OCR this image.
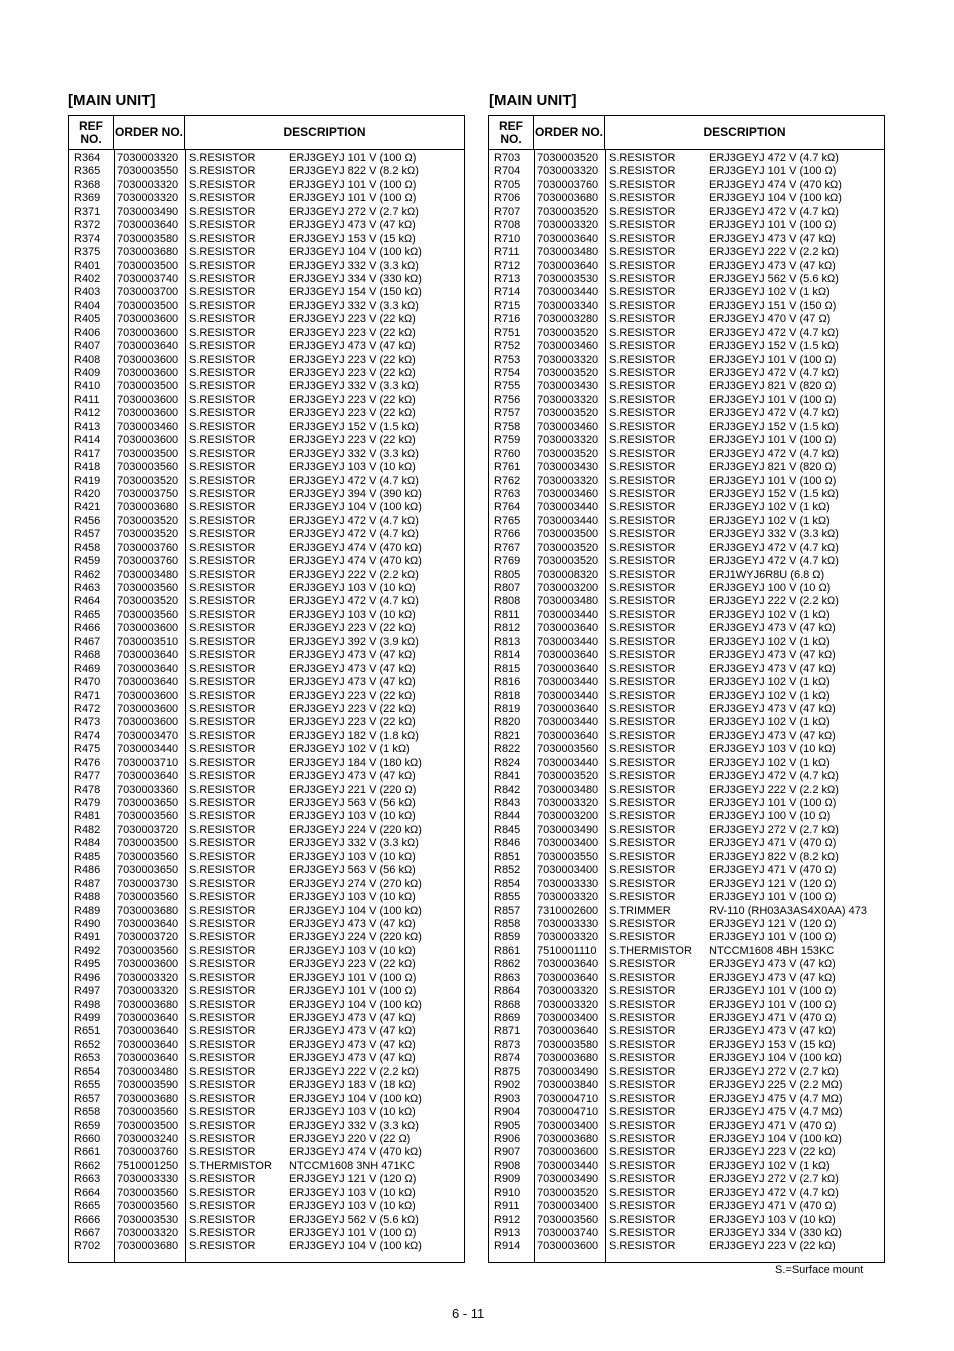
[MAIN UNIT]
REF NO.	ORDER NO.	DESCRIPTION
R364	7030003320 S.RESISTOR	ERJ3GEYJ 101 V (100 Ω)
R365	7030003550 S.RESISTOR	ERJ3GEYJ 822 V (8.2 kΩ)
R368	7030003320 S.RESISTOR	ERJ3GEYJ 101 V (100 Ω)
R369	7030003320 S.RESISTOR	ERJ3GEYJ 101 V (100 Ω)
R371	7030003490 S.RESISTOR	ERJ3GEYJ 272 V (2.7 kΩ)
R372	7030003640 S.RESISTOR	ERJ3GEYJ 473 V (47 kΩ)
R374	7030003580 S.RESISTOR	ERJ3GEYJ 153 V (15 kΩ)
R375	7030003680 S.RESISTOR	ERJ3GEYJ 104 V (100 kΩ)
R401	7030003500 S.RESISTOR	ERJ3GEYJ 332 V (3.3 kΩ)
R402	7030003740 S.RESISTOR	ERJ3GEYJ 334 V (330 kΩ)
R403	7030003700 S.RESISTOR	ERJ3GEYJ 154 V (150 kΩ)
R404	7030003500 S.RESISTOR	ERJ3GEYJ 332 V (3.3 kΩ)
R405	7030003600 S.RESISTOR	ERJ3GEYJ 223 V (22 kΩ)
R406	7030003600 S.RESISTOR	ERJ3GEYJ 223 V (22 kΩ)
R407	7030003640 S.RESISTOR	ERJ3GEYJ 473 V (47 kΩ)
R408	7030003600 S.RESISTOR	ERJ3GEYJ 223 V (22 kΩ)
R409	7030003600 S.RESISTOR	ERJ3GEYJ 223 V (22 kΩ)
R410	7030003500 S.RESISTOR	ERJ3GEYJ 332 V (3.3 kΩ)
R411	7030003600 S.RESISTOR	ERJ3GEYJ 223 V (22 kΩ)
R412	7030003600 S.RESISTOR	ERJ3GEYJ 223 V (22 kΩ)
R413	7030003460 S.RESISTOR	ERJ3GEYJ 152 V (1.5 kΩ)
R414	7030003600 S.RESISTOR	ERJ3GEYJ 223 V (22 kΩ)
R417	7030003500 S.RESISTOR	ERJ3GEYJ 332 V (3.3 kΩ)
R418	7030003560 S.RESISTOR	ERJ3GEYJ 103 V (10 kΩ)
R419	7030003520 S.RESISTOR	ERJ3GEYJ 472 V (4.7 kΩ)
R420	7030003750 S.RESISTOR	ERJ3GEYJ 394 V (390 kΩ)
R421	7030003680 S.RESISTOR	ERJ3GEYJ 104 V (100 kΩ)
R456	7030003520 S.RESISTOR	ERJ3GEYJ 472 V (4.7 kΩ)
R457	7030003520 S.RESISTOR	ERJ3GEYJ 472 V (4.7 kΩ)
R458	7030003760 S.RESISTOR	ERJ3GEYJ 474 V (470 kΩ)
R459	7030003760 S.RESISTOR	ERJ3GEYJ 474 V (470 kΩ)
R462	7030003480 S.RESISTOR	ERJ3GEYJ 222 V (2.2 kΩ)
R463	7030003560 S.RESISTOR	ERJ3GEYJ 103 V (10 kΩ)
R464	7030003520 S.RESISTOR	ERJ3GEYJ 472 V (4.7 kΩ)
R465	7030003560 S.RESISTOR	ERJ3GEYJ 103 V (10 kΩ)
R466	7030003600 S.RESISTOR	ERJ3GEYJ 223 V (22 kΩ)
R467	7030003510 S.RESISTOR	ERJ3GEYJ 392 V (3.9 kΩ)
R468	7030003640 S.RESISTOR	ERJ3GEYJ 473 V (47 kΩ)
R469	7030003640 S.RESISTOR	ERJ3GEYJ 473 V (47 kΩ)
R470	7030003640 S.RESISTOR	ERJ3GEYJ 473 V (47 kΩ)
R471	7030003600 S.RESISTOR	ERJ3GEYJ 223 V (22 kΩ)
R472	7030003600 S.RESISTOR	ERJ3GEYJ 223 V (22 kΩ)
R473	7030003600 S.RESISTOR	ERJ3GEYJ 223 V (22 kΩ)
R474	7030003470 S.RESISTOR	ERJ3GEYJ 182 V (1.8 kΩ)
R475	7030003440 S.RESISTOR	ERJ3GEYJ 102 V (1 kΩ)
R476	7030003710 S.RESISTOR	ERJ3GEYJ 184 V (180 kΩ)
R477	7030003640 S.RESISTOR	ERJ3GEYJ 473 V (47 kΩ)
R478	7030003360 S.RESISTOR	ERJ3GEYJ 221 V (220 Ω)
R479	7030003650 S.RESISTOR	ERJ3GEYJ 563 V (56 kΩ)
R481	7030003560 S.RESISTOR	ERJ3GEYJ 103 V (10 kΩ)
R482	7030003720 S.RESISTOR	ERJ3GEYJ 224 V (220 kΩ)
R484	7030003500 S.RESISTOR	ERJ3GEYJ 332 V (3.3 kΩ)
R485	7030003560 S.RESISTOR	ERJ3GEYJ 103 V (10 kΩ)
R486	7030003650 S.RESISTOR	ERJ3GEYJ 563 V (56 kΩ)
R487	7030003730 S.RESISTOR	ERJ3GEYJ 274 V (270 kΩ)
R488	7030003560 S.RESISTOR	ERJ3GEYJ 103 V (10 kΩ)
R489	7030003680 S.RESISTOR	ERJ3GEYJ 104 V (100 kΩ)
R490	7030003640 S.RESISTOR	ERJ3GEYJ 473 V (47 kΩ)
R491	7030003720 S.RESISTOR	ERJ3GEYJ 224 V (220 kΩ)
R492	7030003560 S.RESISTOR	ERJ3GEYJ 103 V (10 kΩ)
R495	7030003600 S.RESISTOR	ERJ3GEYJ 223 V (22 kΩ)
R496	7030003320 S.RESISTOR	ERJ3GEYJ 101 V (100 Ω)
R497	7030003320 S.RESISTOR	ERJ3GEYJ 101 V (100 Ω)
R498	7030003680 S.RESISTOR	ERJ3GEYJ 104 V (100 kΩ)
R499	7030003640 S.RESISTOR	ERJ3GEYJ 473 V (47 kΩ)
R651	7030003640 S.RESISTOR	ERJ3GEYJ 473 V (47 kΩ)
R652	7030003640 S.RESISTOR	ERJ3GEYJ 473 V (47 kΩ)
R653	7030003640 S.RESISTOR	ERJ3GEYJ 473 V (47 kΩ)
R654	7030003480 S.RESISTOR	ERJ3GEYJ 222 V (2.2 kΩ)
R655	7030003590 S.RESISTOR	ERJ3GEYJ 183 V (18 kΩ)
R657	7030003680 S.RESISTOR	ERJ3GEYJ 104 V (100 kΩ)
R658	7030003560 S.RESISTOR	ERJ3GEYJ 103 V (10 kΩ)
R659	7030003500 S.RESISTOR	ERJ3GEYJ 332 V (3.3 kΩ)
R660	7030003240 S.RESISTOR	ERJ3GEYJ 220 V (22 Ω)
R661	7030003760 S.RESISTOR	ERJ3GEYJ 474 V (470 kΩ)
R662	7510001250 S.THERMISTOR	NTCCM1608 3NH 471KC
R663	7030003330 S.RESISTOR	ERJ3GEYJ 121 V (120 Ω)
R664	7030003560 S.RESISTOR	ERJ3GEYJ 103 V (10 kΩ)
R665	7030003560 S.RESISTOR	ERJ3GEYJ 103 V (10 kΩ)
R666	7030003530 S.RESISTOR	ERJ3GEYJ 562 V (5.6 kΩ)
R667	7030003320 S.RESISTOR	ERJ3GEYJ 101 V (100 Ω)
R702	7030003680 S.RESISTOR	ERJ3GEYJ 104 V (100 kΩ)
[MAIN UNIT]
REF NO.	ORDER NO.	DESCRIPTION
R703	7030003520 S.RESISTOR	ERJ3GEYJ 472 V (4.7 kΩ)
R704	7030003320 S.RESISTOR	ERJ3GEYJ 101 V (100 Ω)
R705	7030003760 S.RESISTOR	ERJ3GEYJ 474 V (470 kΩ)
R706	7030003680 S.RESISTOR	ERJ3GEYJ 104 V (100 kΩ)
R707	7030003520 S.RESISTOR	ERJ3GEYJ 472 V (4.7 kΩ)
R708	7030003320 S.RESISTOR	ERJ3GEYJ 101 V (100 Ω)
R710	7030003640 S.RESISTOR	ERJ3GEYJ 473 V (47 kΩ)
R711	7030003480 S.RESISTOR	ERJ3GEYJ 222 V (2.2 kΩ)
R712	7030003640 S.RESISTOR	ERJ3GEYJ 473 V (47 kΩ)
R713	7030003530 S.RESISTOR	ERJ3GEYJ 562 V (5.6 kΩ)
R714	7030003440 S.RESISTOR	ERJ3GEYJ 102 V (1 kΩ)
R715	7030003340 S.RESISTOR	ERJ3GEYJ 151 V (150 Ω)
R716	7030003280 S.RESISTOR	ERJ3GEYJ 470 V (47 Ω)
R751	7030003520 S.RESISTOR	ERJ3GEYJ 472 V (4.7 kΩ)
R752	7030003460 S.RESISTOR	ERJ3GEYJ 152 V (1.5 kΩ)
R753	7030003320 S.RESISTOR	ERJ3GEYJ 101 V (100 Ω)
R754	7030003520 S.RESISTOR	ERJ3GEYJ 472 V (4.7 kΩ)
R755	7030003430 S.RESISTOR	ERJ3GEYJ 821 V (820 Ω)
R756	7030003320 S.RESISTOR	ERJ3GEYJ 101 V (100 Ω)
R757	7030003520 S.RESISTOR	ERJ3GEYJ 472 V (4.7 kΩ)
R758	7030003460 S.RESISTOR	ERJ3GEYJ 152 V (1.5 kΩ)
R759	7030003320 S.RESISTOR	ERJ3GEYJ 101 V (100 Ω)
R760	7030003520 S.RESISTOR	ERJ3GEYJ 472 V (4.7 kΩ)
R761	7030003430 S.RESISTOR	ERJ3GEYJ 821 V (820 Ω)
R762	7030003320 S.RESISTOR	ERJ3GEYJ 101 V (100 Ω)
R763	7030003460 S.RESISTOR	ERJ3GEYJ 152 V (1.5 kΩ)
R764	7030003440 S.RESISTOR	ERJ3GEYJ 102 V (1 kΩ)
R765	7030003440 S.RESISTOR	ERJ3GEYJ 102 V (1 kΩ)
R766	7030003500 S.RESISTOR	ERJ3GEYJ 332 V (3.3 kΩ)
R767	7030003520 S.RESISTOR	ERJ3GEYJ 472 V (4.7 kΩ)
R769	7030003520 S.RESISTOR	ERJ3GEYJ 472 V (4.7 kΩ)
R805	7030008320 S.RESISTOR	ERJ1WYJ6R8U (6.8 Ω)
R807	7030003200 S.RESISTOR	ERJ3GEYJ 100 V (10 Ω)
R808	7030003480 S.RESISTOR	ERJ3GEYJ 222 V (2.2 kΩ)
R811	7030003440 S.RESISTOR	ERJ3GEYJ 102 V (1 kΩ)
R812	7030003640 S.RESISTOR	ERJ3GEYJ 473 V (47 kΩ)
R813	7030003440 S.RESISTOR	ERJ3GEYJ 102 V (1 kΩ)
R814	7030003640 S.RESISTOR	ERJ3GEYJ 473 V (47 kΩ)
R815	7030003640 S.RESISTOR	ERJ3GEYJ 473 V (47 kΩ)
R816	7030003440 S.RESISTOR	ERJ3GEYJ 102 V (1 kΩ)
R818	7030003440 S.RESISTOR	ERJ3GEYJ 102 V (1 kΩ)
R819	7030003640 S.RESISTOR	ERJ3GEYJ 473 V (47 kΩ)
R820	7030003440 S.RESISTOR	ERJ3GEYJ 102 V (1 kΩ)
R821	7030003640 S.RESISTOR	ERJ3GEYJ 473 V (47 kΩ)
R822	7030003560 S.RESISTOR	ERJ3GEYJ 103 V (10 kΩ)
R824	7030003440 S.RESISTOR	ERJ3GEYJ 102 V (1 kΩ)
R841	7030003520 S.RESISTOR	ERJ3GEYJ 472 V (4.7 kΩ)
R842	7030003480 S.RESISTOR	ERJ3GEYJ 222 V (2.2 kΩ)
R843	7030003320 S.RESISTOR	ERJ3GEYJ 101 V (100 Ω)
R844	7030003200 S.RESISTOR	ERJ3GEYJ 100 V (10 Ω)
R845	7030003490 S.RESISTOR	ERJ3GEYJ 272 V (2.7 kΩ)
R846	7030003400 S.RESISTOR	ERJ3GEYJ 471 V (470 Ω)
R851	7030003550 S.RESISTOR	ERJ3GEYJ 822 V (8.2 kΩ)
R852	7030003400 S.RESISTOR	ERJ3GEYJ 471 V (470 Ω)
R854	7030003330 S.RESISTOR	ERJ3GEYJ 121 V (120 Ω)
R855	7030003320 S.RESISTOR	ERJ3GEYJ 101 V (100 Ω)
R857	7310002600 S.TRIMMER	RV-110 (RH03A3AS4X0AA) 473
R858	7030003330 S.RESISTOR	ERJ3GEYJ 121 V (120 Ω)
R859	7030003320 S.RESISTOR	ERJ3GEYJ 101 V (100 Ω)
R861	7510001110	S.THERMISTOR	NTCCM1608 4BH 153KC
R862	7030003640 S.RESISTOR	ERJ3GEYJ 473 V (47 kΩ)
R863	7030003640 S.RESISTOR	ERJ3GEYJ 473 V (47 kΩ)
R864	7030003320 S.RESISTOR	ERJ3GEYJ 101 V (100 Ω)
R868	7030003320 S.RESISTOR	ERJ3GEYJ 101 V (100 Ω)
R869	7030003400 S.RESISTOR	ERJ3GEYJ 471 V (470 Ω)
R871	7030003640 S.RESISTOR	ERJ3GEYJ 473 V (47 kΩ)
R873	7030003580 S.RESISTOR	ERJ3GEYJ 153 V (15 kΩ)
R874	7030003680 S.RESISTOR	ERJ3GEYJ 104 V (100 kΩ)
R875	7030003490 S.RESISTOR	ERJ3GEYJ 272 V (2.7 kΩ)
R902	7030003840 S.RESISTOR	ERJ3GEYJ 225 V (2.2 MΩ)
R903	7030004710 S.RESISTOR	ERJ3GEYJ 475 V (4.7 MΩ)
R904	7030004710 S.RESISTOR	ERJ3GEYJ 475 V (4.7 MΩ)
R905	7030003400 S.RESISTOR	ERJ3GEYJ 471 V (470 Ω)
R906	7030003680 S.RESISTOR	ERJ3GEYJ 104 V (100 kΩ)
R907	7030003600 S.RESISTOR	ERJ3GEYJ 223 V (22 kΩ)
R908	7030003440 S.RESISTOR	ERJ3GEYJ 102 V (1 kΩ)
R909	7030003490 S.RESISTOR	ERJ3GEYJ 272 V (2.7 kΩ)
R910	7030003520 S.RESISTOR	ERJ3GEYJ 472 V (4.7 kΩ)
R911	7030003400 S.RESISTOR	ERJ3GEYJ 471 V (470 Ω)
R912	7030003560 S.RESISTOR	ERJ3GEYJ 103 V (10 kΩ)
R913	7030003740 S.RESISTOR	ERJ3GEYJ 334 V (330 kΩ)
R914	7030003600 S.RESISTOR	ERJ3GEYJ 223 V (22 kΩ)
S.=Surface mount
6 - 11
